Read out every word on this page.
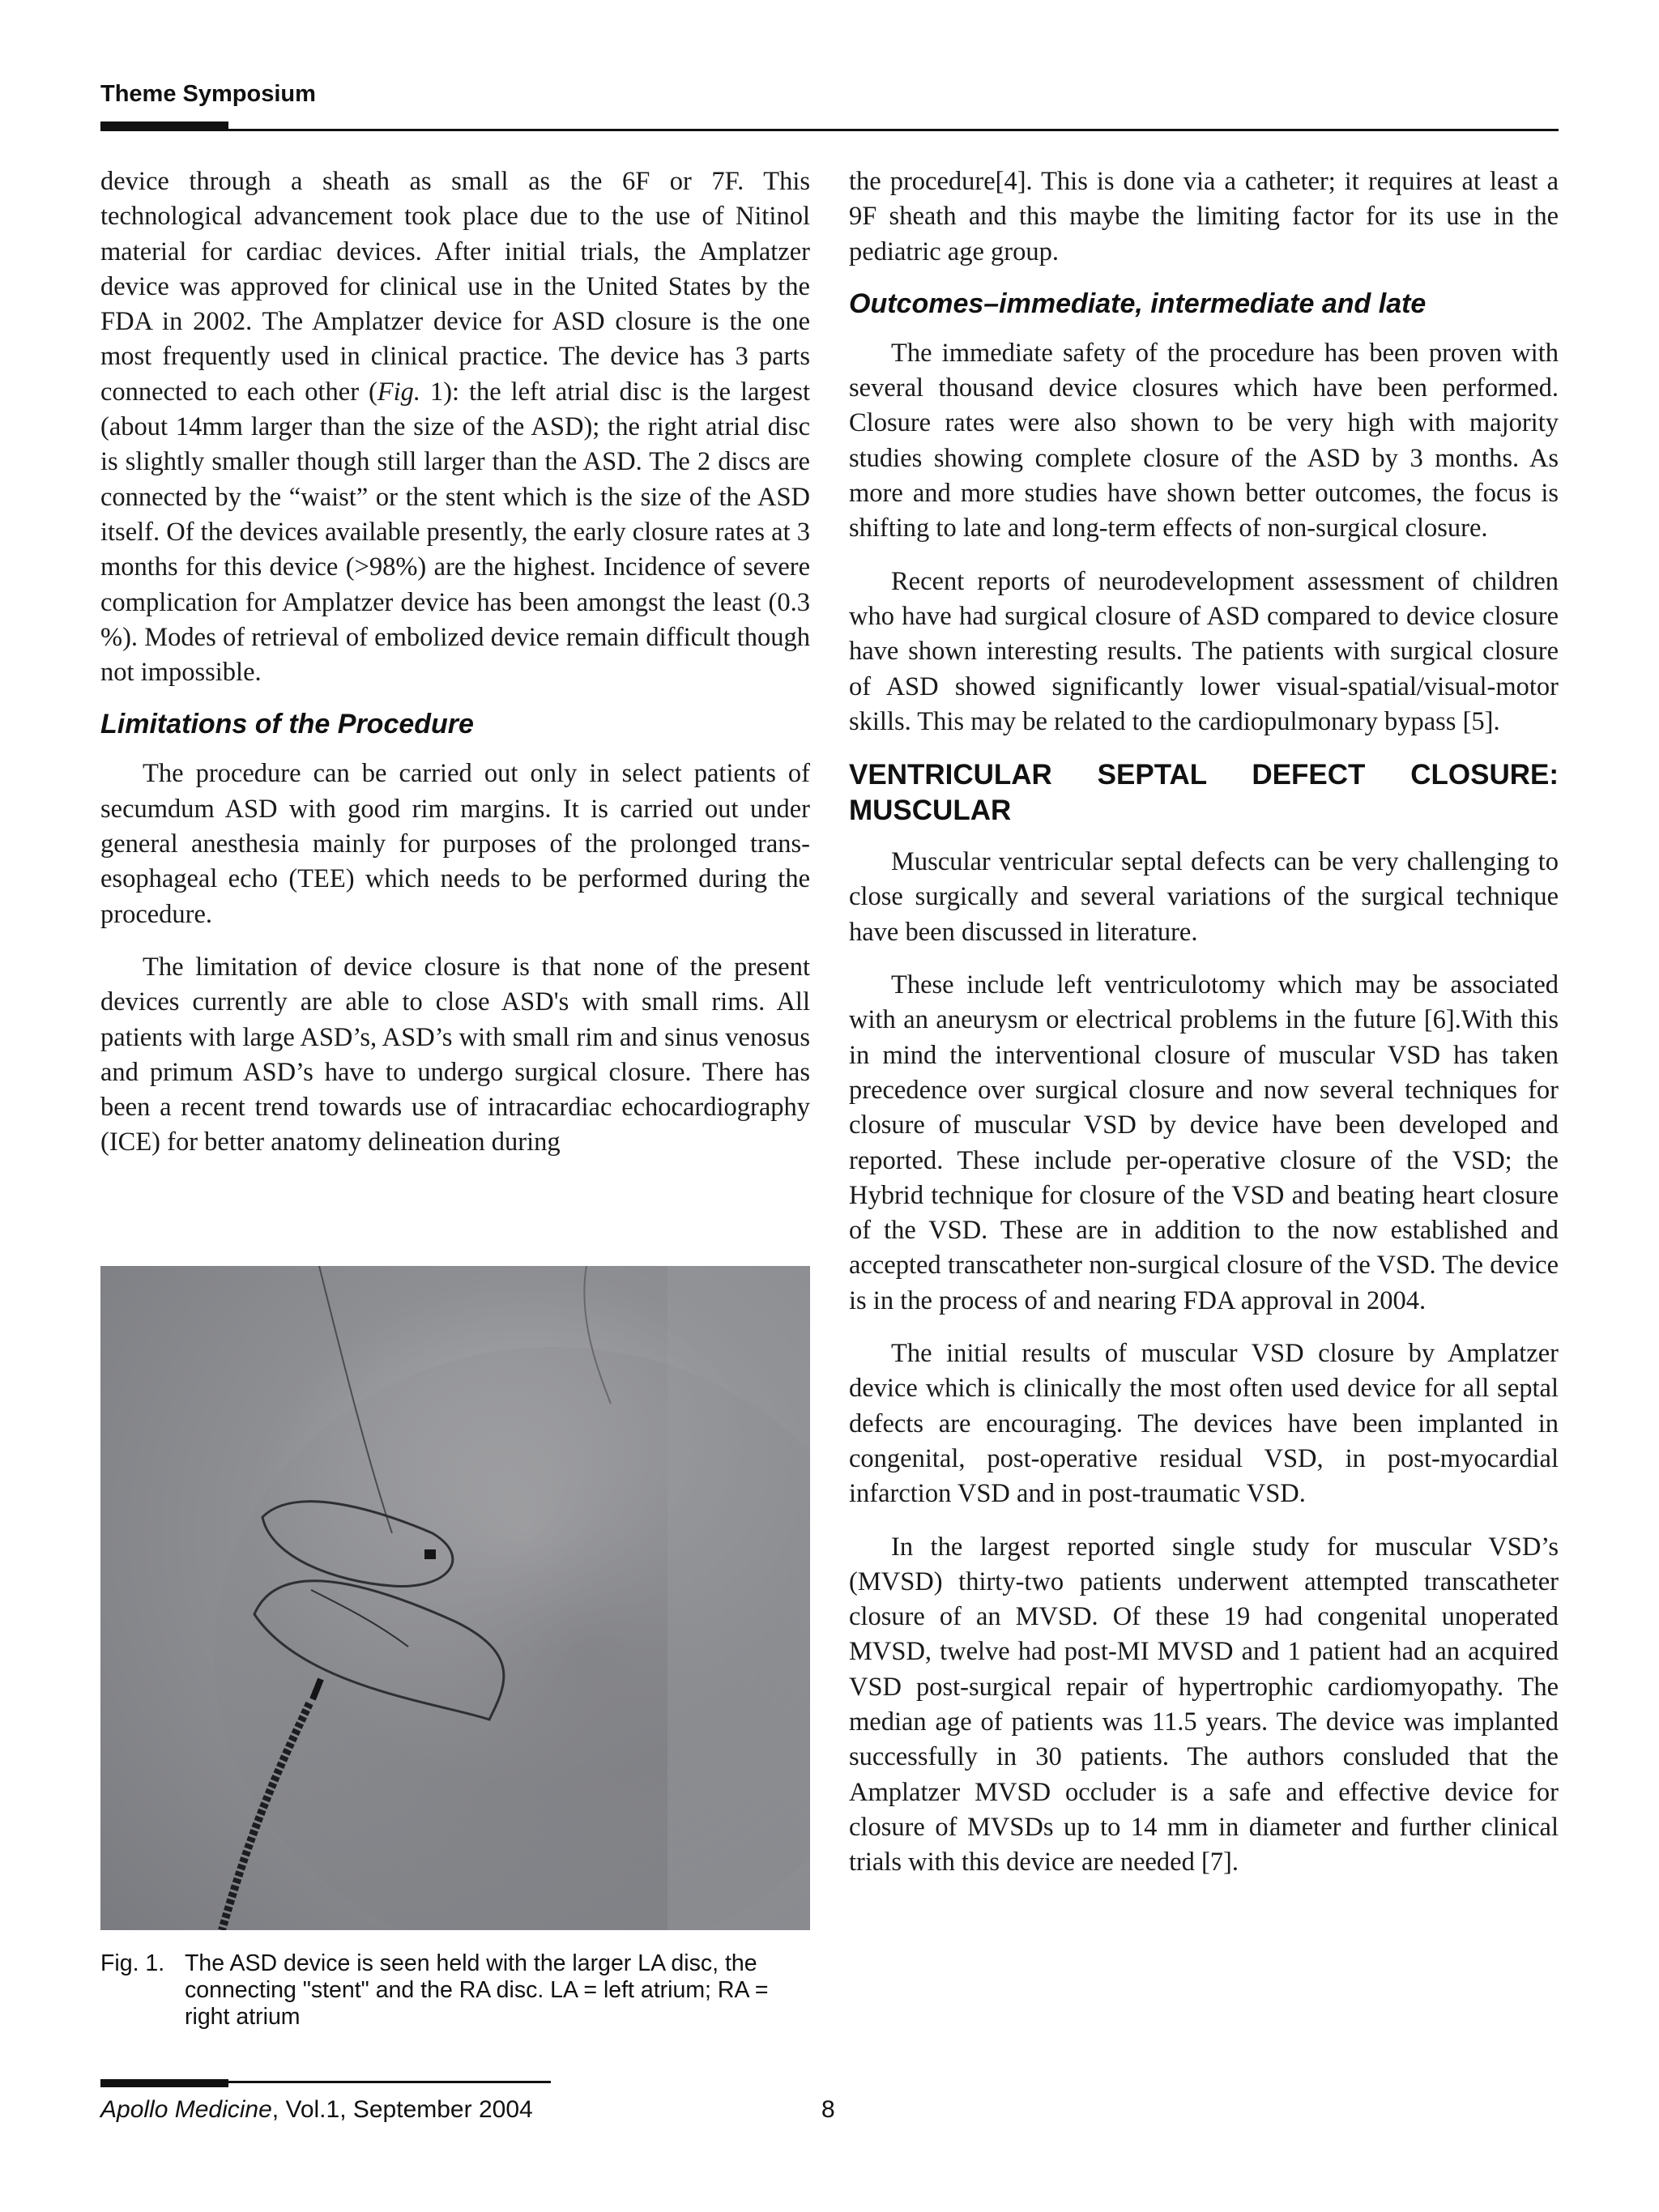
Theme Symposium

device through a sheath as small as the 6F or 7F. This technological advancement took place due to the use of Nitinol material for cardiac devices. After initial trials, the Amplatzer device was approved for clinical use in the United States by the FDA in 2002. The Amplatzer device for ASD closure is the one most frequently used in clinical practice. The device has 3 parts connected to each other (Fig. 1): the left atrial disc is the largest (about 14mm larger than the size of the ASD); the right atrial disc is slightly smaller though still larger than the ASD. The 2 discs are connected by the “waist” or the stent which is the size of the ASD itself. Of the devices available presently, the early closure rates at 3 months for this device (>98%) are the highest. Incidence of severe complication for Amplatzer device has been amongst the least (0.3 %). Modes of retrieval of embolized device remain difficult though not impossible.

Limitations of the Procedure

The procedure can be carried out only in select patients of secumdum ASD with good rim margins. It is carried out under general anesthesia mainly for purposes of the prolonged trans-esophageal echo (TEE) which needs to be performed during the procedure.

The limitation of device closure is that none of the present devices currently are able to close ASD's with small rims. All patients with large ASD’s, ASD’s with small rim and sinus venosus and primum ASD’s have to undergo surgical closure. There has been a recent trend towards use of intracardiac echocardiography (ICE) for better anatomy delineation during

Fig. 1. The ASD device is seen held with the larger LA disc, the connecting "stent" and the RA disc. LA = left atrium; RA = right atrium

the procedure[4]. This is done via a catheter; it requires at least a 9F sheath and this maybe the limiting factor for its use in the pediatric age group.

Outcomes–immediate, intermediate and late

The immediate safety of the procedure has been proven with several thousand device closures which have been performed. Closure rates were also shown to be very high with majority studies showing complete closure of the ASD by 3 months. As more and more studies have shown better outcomes, the focus is shifting to late and long-term effects of non-surgical closure.

Recent reports of neurodevelopment assessment of children who have had surgical closure of ASD compared to device closure have shown interesting results. The patients with surgical closure of ASD showed significantly lower visual-spatial/visual-motor skills. This may be related to the cardiopulmonary bypass [5].

VENTRICULAR SEPTAL DEFECT CLOSURE: MUSCULAR

Muscular ventricular septal defects can be very challenging to close surgically and several variations of the surgical technique have been discussed in literature.

These include left ventriculotomy which may be associated with an aneurysm or electrical problems in the future [6].With this in mind the interventional closure of muscular VSD has taken precedence over surgical closure and now several techniques for closure of muscular VSD by device have been developed and reported. These include per-operative closure of the VSD; the Hybrid technique for closure of the VSD and beating heart closure of the VSD. These are in addition to the now established and accepted transcatheter non-surgical closure of the VSD. The device is in the process of and nearing FDA approval in 2004.

The initial results of muscular VSD closure by Amplatzer device which is clinically the most often used device for all septal defects are encouraging. The devices have been implanted in congenital, post-operative residual VSD, in post-myocardial infarction VSD and in post-traumatic VSD.

In the largest reported single study for muscular VSD’s (MVSD) thirty-two patients underwent attempted transcatheter closure of an MVSD. Of these 19 had congenital unoperated MVSD, twelve had post-MI MVSD and 1 patient had an acquired VSD post-surgical repair of hypertrophic cardiomyopathy. The median age of patients was 11.5 years. The device was implanted successfully in 30 patients. The authors consluded that the Amplatzer MVSD occluder is a safe and effective device for closure of MVSDs up to 14 mm in diameter and further clinical trials with this device are needed [7].

Apollo Medicine, Vol.1, September 2004	8
